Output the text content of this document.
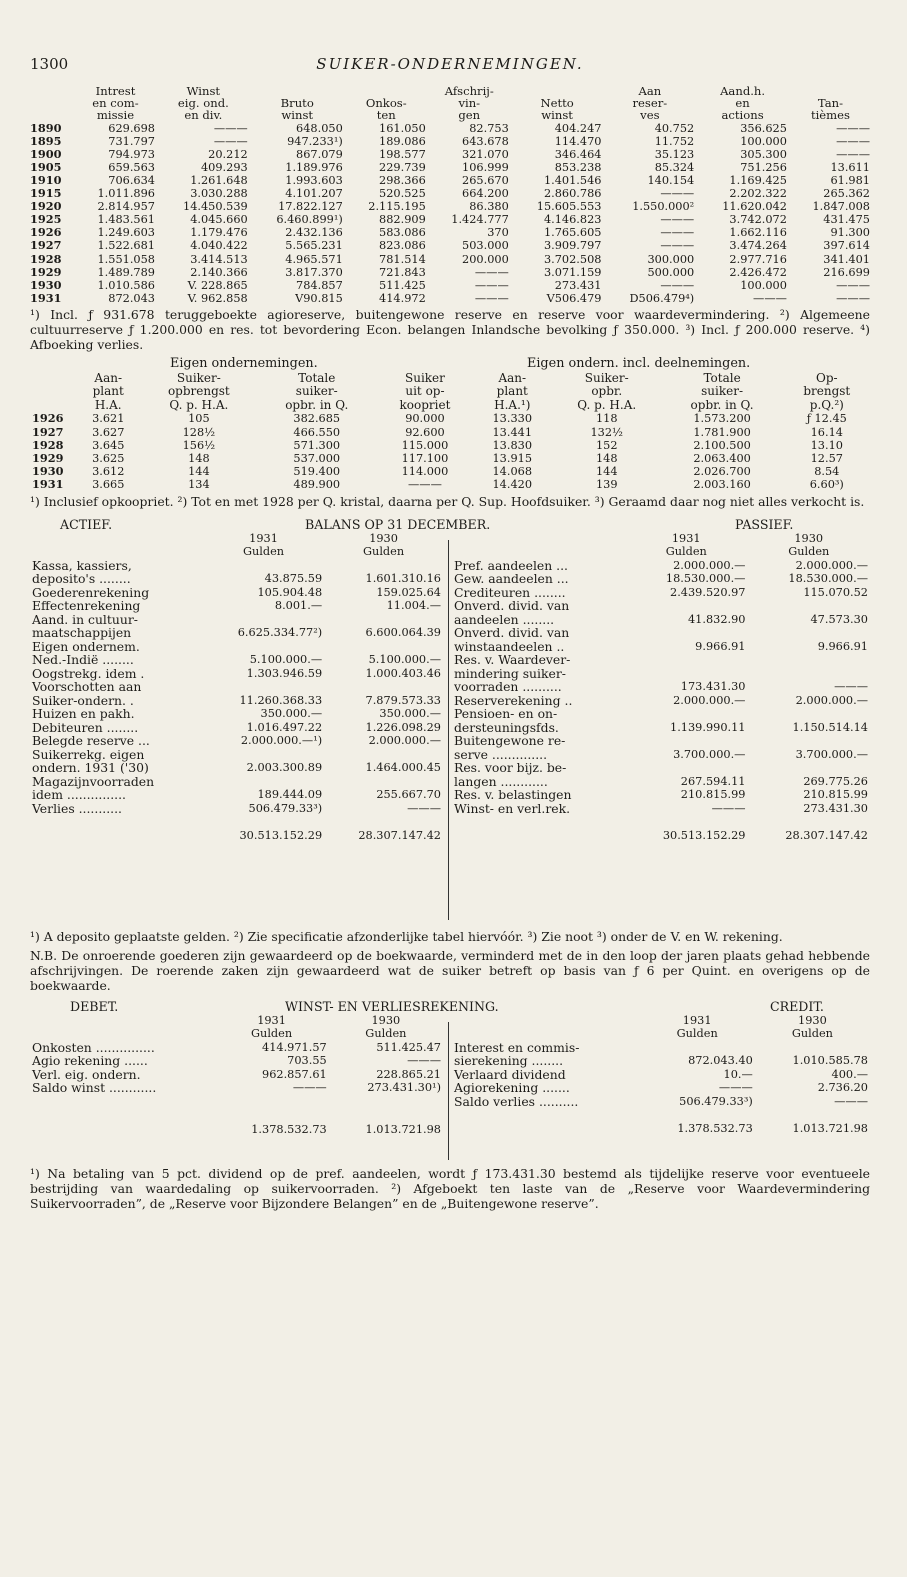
1300	SUIKER-ONDERNEMINGEN.
	Intrest	Winst			Afschrij-		Aan	Aand.h.	
	en com-	eig. ond.	Bruto	Onkos-	vin-	Netto	reser-	en	Tan-
	missie	en div.	winst	ten	gen	winst	ves	actions	tièmes
1890	629.698	———	648.050	161.050	82.753	404.247	40.752	356.625	———
1895	731.797	———	947.233¹)	189.086	643.678	114.470	11.752	100.000	———
1900	794.973	20.212	867.079	198.577	321.070	346.464	35.123	305.300	———
1905	659.563	409.293	1.189.976	229.739	106.999	853.238	85.324	751.256	13.611
1910	706.634	1.261.648	1.993.603	298.366	265.670	1.401.546	140.154	1.169.425	61.981
1915	1.011.896	3.030.288	4.101.207	520.525	664.200	2.860.786	———	2.202.322	265.362
1920	2.814.957	14.450.539	17.822.127	2.115.195	86.380	15.605.553	1.550.000²	11.620.042	1.847.008
1925	1.483.561	4.045.660	6.460.899¹)	882.909	1.424.777	4.146.823	———	3.742.072	431.475
1926	1.249.603	1.179.476	2.432.136	583.086	370	1.765.605	———	1.662.116	91.300
1927	1.522.681	4.040.422	5.565.231	823.086	503.000	3.909.797	———	3.474.264	397.614
1928	1.551.058	3.414.513	4.965.571	781.514	200.000	3.702.508	300.000	2.977.716	341.401
1929	1.489.789	2.140.366	3.817.370	721.843	———	3.071.159	500.000	2.426.472	216.699
1930	1.010.586	V. 228.865	784.857	511.425	———	273.431	———	100.000	———
1931	872.043	V. 962.858	V90.815	414.972	———	V506.479	D506.479⁴)	———	———

¹) Incl. ƒ 931.678 teruggeboekte agioreserve, buitengewone reserve en reserve voor waardevermindering. ²) Algemeene cultuurreserve ƒ 1.200.000 en res. tot bevordering Econ. belangen Inlandsche bevolking ƒ 350.000. ³) Incl. ƒ 200.000 reserve. ⁴) Afboeking verlies.

Eigen ondernemingen.	Eigen ondern. incl. deelnemingen.
	Aan-	Suiker-	Totale	Suiker	Aan-	Suiker-	Totale	Op-
	plant	opbrengst	suiker-	uit op-	plant	opbr.	suiker-	brengst
	H.A.	Q. p. H.A.	opbr. in Q.	koopriet	H.A.¹)	Q. p. H.A.	opbr. in Q.	p.Q.²)
1926	3.621	105	382.685	90.000	13.330	118	1.573.200	ƒ 12.45
1927	3.627	128½	466.550	92.600	13.441	132½	1.781.900	16.14
1928	3.645	156½	571.300	115.000	13.830	152	2.100.500	13.10
1929	3.625	148	537.000	117.100	13.915	148	2.063.400	12.57
1930	3.612	144	519.400	114.000	14.068	144	2.026.700	8.54
1931	3.665	134	489.900	———	14.420	139	2.003.160	6.60³)

¹) Inclusief opkoopriet. ²) Tot en met 1928 per Q. kristal, daarna per Q. Sup. Hoofdsuiker. ³) Geraamd daar nog niet alles verkocht is.

ACTIEF.	BALANS OP 31 DECEMBER.	PASSIEF.
	1931	1930
	Gulden	Gulden
Kassa, kassiers,		
deposito's ........	43.875.59	1.601.310.16
Goederenrekening	105.904.48	159.025.64
Effectenrekening	8.001.—	11.004.—
Aand. in cultuur-		
maatschappijen	6.625.334.77²)	6.600.064.39
Eigen ondernem.		
Ned.-Indië ........	5.100.000.—	5.100.000.—
Oogstrekg. idem .	1.303.946.59	1.000.403.46
Voorschotten aan		
Suiker-ondern. .	11.260.368.33	7.879.573.33
Huizen en pakh.	350.000.—	350.000.—
Debiteuren ........	1.016.497.22	1.226.098.29
Belegde reserve ...	2.000.000.—¹)	2.000.000.—
Suikerrekg. eigen		
ondern. 1931 ('30)	2.003.300.89	1.464.000.45
Magazijnvoorraden		
idem ...............	189.444.09	255.667.70
Verlies ...........	506.479.33³)	———
	30.513.152.29	28.307.147.42
	1931	1930
	Gulden	Gulden
Pref. aandeelen ...	2.000.000.—	2.000.000.—
Gew. aandeelen ...	18.530.000.—	18.530.000.—
Crediteuren ........	2.439.520.97	115.070.52
Onverd. divid. van		
aandeelen ........	41.832.90	47.573.30
Onverd. divid. van		
winstaandeelen ..	9.966.91	9.966.91
Res. v. Waardever-		
mindering suiker-		
voorraden ..........	173.431.30	———
Reserverekening ..	2.000.000.—	2.000.000.—
Pensioen- en on-		
dersteuningsfds.	1.139.990.11	1.150.514.14
Buitengewone re-		
serve ..............	3.700.000.—	3.700.000.—
Res. voor bijz. be-		
langen ............	267.594.11	269.775.26
Res. v. belastingen	210.815.99	210.815.99
Winst- en verl.rek.	———	273.431.30
	30.513.152.29	28.307.147.42

¹) A deposito geplaatste gelden. ²) Zie specificatie afzonderlijke tabel hiervóór. ³) Zie noot ³) onder de V. en W. rekening.

N.B. De onroerende goederen zijn gewaardeerd op de boekwaarde, verminderd met de in den loop der jaren plaats gehad hebbende afschrijvingen. De roerende zaken zijn gewaardeerd wat de suiker betreft op basis van ƒ 6 per Quint. en overigens op de boekwaarde.

DEBET.	WINST- EN VERLIESREKENING.	CREDIT.
	1931	1930
	Gulden	Gulden
Onkosten ...............	414.971.57	511.425.47
Agio rekening ......	703.55	———
Verl. eig. ondern.	962.857.61	228.865.21
Saldo winst ............	———	273.431.30¹)
	1.378.532.73	1.013.721.98
	1931	1930
	Gulden	Gulden
Interest en commis-		
sierekening ........	872.043.40	1.010.585.78
Verlaard dividend	10.—	400.—
Agiorekening .......	———	2.736.20
Saldo verlies ..........	506.479.33³)	———
	1.378.532.73	1.013.721.98

¹) Na betaling van 5 pct. dividend op de pref. aandeelen, wordt ƒ 173.431.30 bestemd als tijdelijke reserve voor eventueele bestrijding van waardedaling op suikervoorraden. ²) Afgeboekt ten laste van de „Reserve voor Waardevermindering Suikervoorraden”, de „Reserve voor Bijzondere Belangen” en de „Buitengewone reserve”.
